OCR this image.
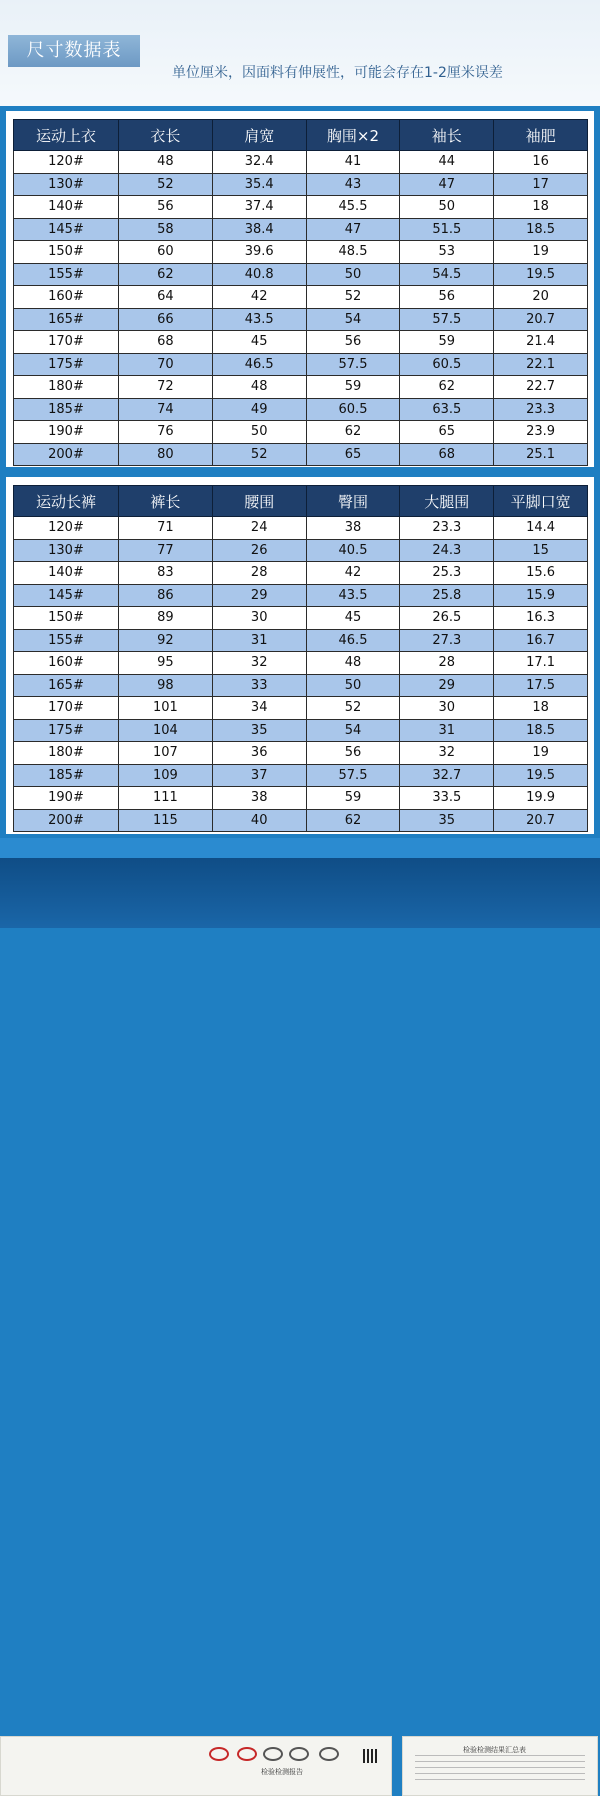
尺寸数据表
单位厘米，因面料有伸展性，可能会存在1-2厘米误差
运动上衣	衣长	肩宽	胸围×2	袖长	袖肥
120#	48	32.4	41	44	16
130#	52	35.4	43	47	17
140#	56	37.4	45.5	50	18
145#	58	38.4	47	51.5	18.5
150#	60	39.6	48.5	53	19
155#	62	40.8	50	54.5	19.5
160#	64	42	52	56	20
165#	66	43.5	54	57.5	20.7
170#	68	45	56	59	21.4
175#	70	46.5	57.5	60.5	22.1
180#	72	48	59	62	22.7
185#	74	49	60.5	63.5	23.3
190#	76	50	62	65	23.9
200#	80	52	65	68	25.1
运动长裤	裤长	腰围	臀围	大腿围	平脚口宽
120#	71	24	38	23.3	14.4
130#	77	26	40.5	24.3	15
140#	83	28	42	25.3	15.6
145#	86	29	43.5	25.8	15.9
150#	89	30	45	26.5	16.3
155#	92	31	46.5	27.3	16.7
160#	95	32	48	28	17.1
165#	98	33	50	29	17.5
170#	101	34	52	30	18
175#	104	35	54	31	18.5
180#	107	36	56	32	19
185#	109	37	57.5	32.7	19.5
190#	111	38	59	33.5	19.9
200#	115	40	62	35	20.7
检验检测报告
检验检测结果汇总表
